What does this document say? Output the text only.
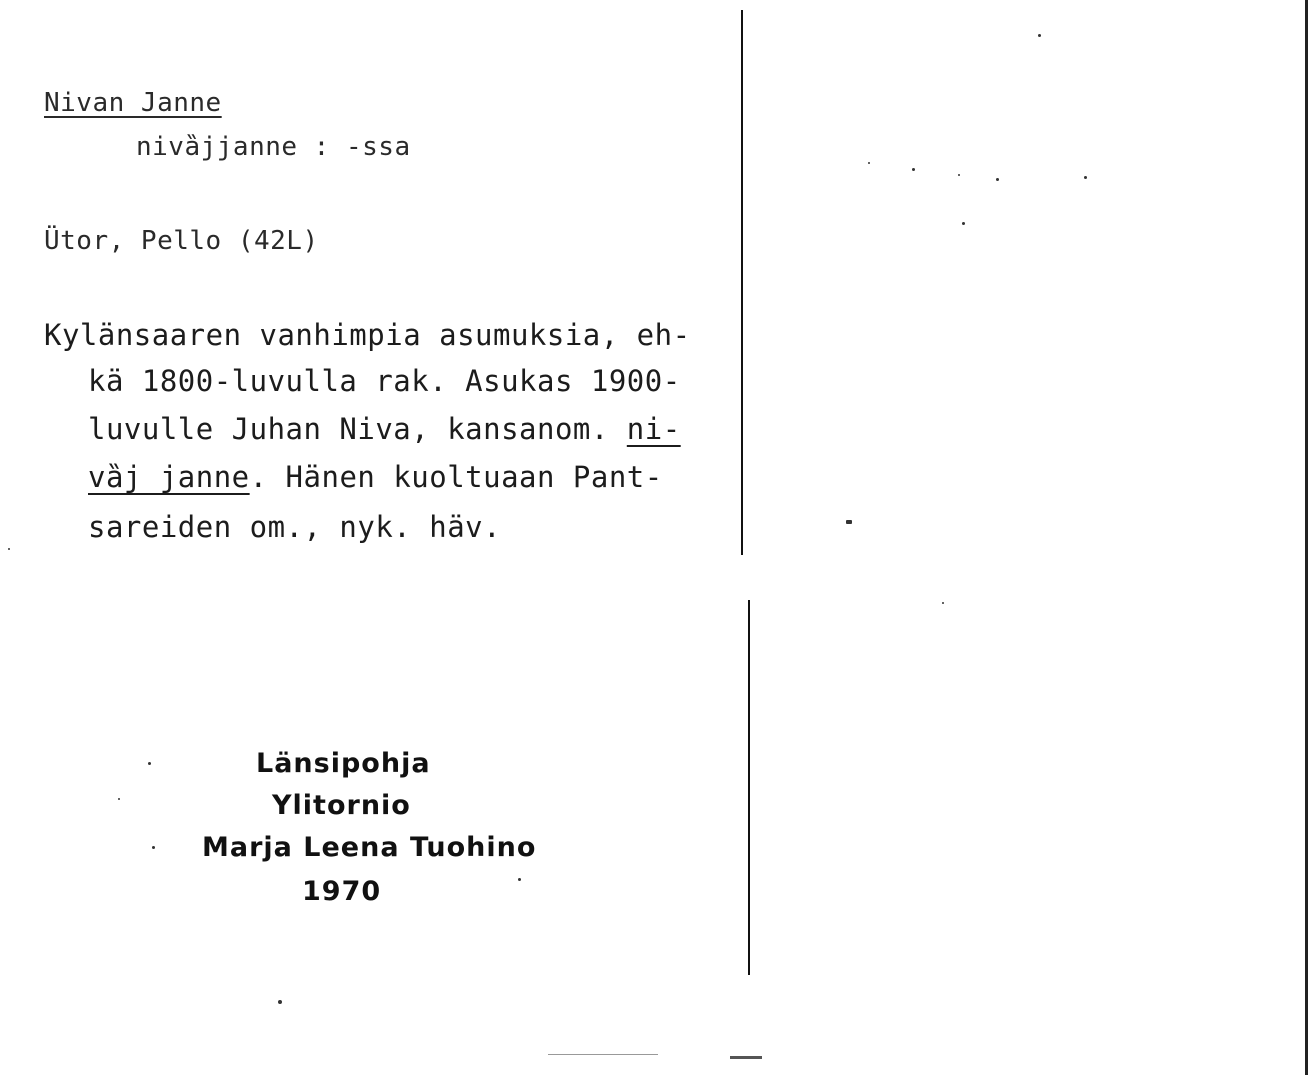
Nivan Janne
nivȁjjanne : -ssa
Ütor, Pello (42L)
Kylänsaaren vanhimpia asumuksia, eh-
kä 1800-luvulla rak. Asukas 1900-
luvulle Juhan Niva, kansanom. ni-
vȁj janne. Hänen kuoltuaan Pant-
sareiden om., nyk. häv.
Länsipohja
Ylitornio
Marja Leena Tuohino
1970
